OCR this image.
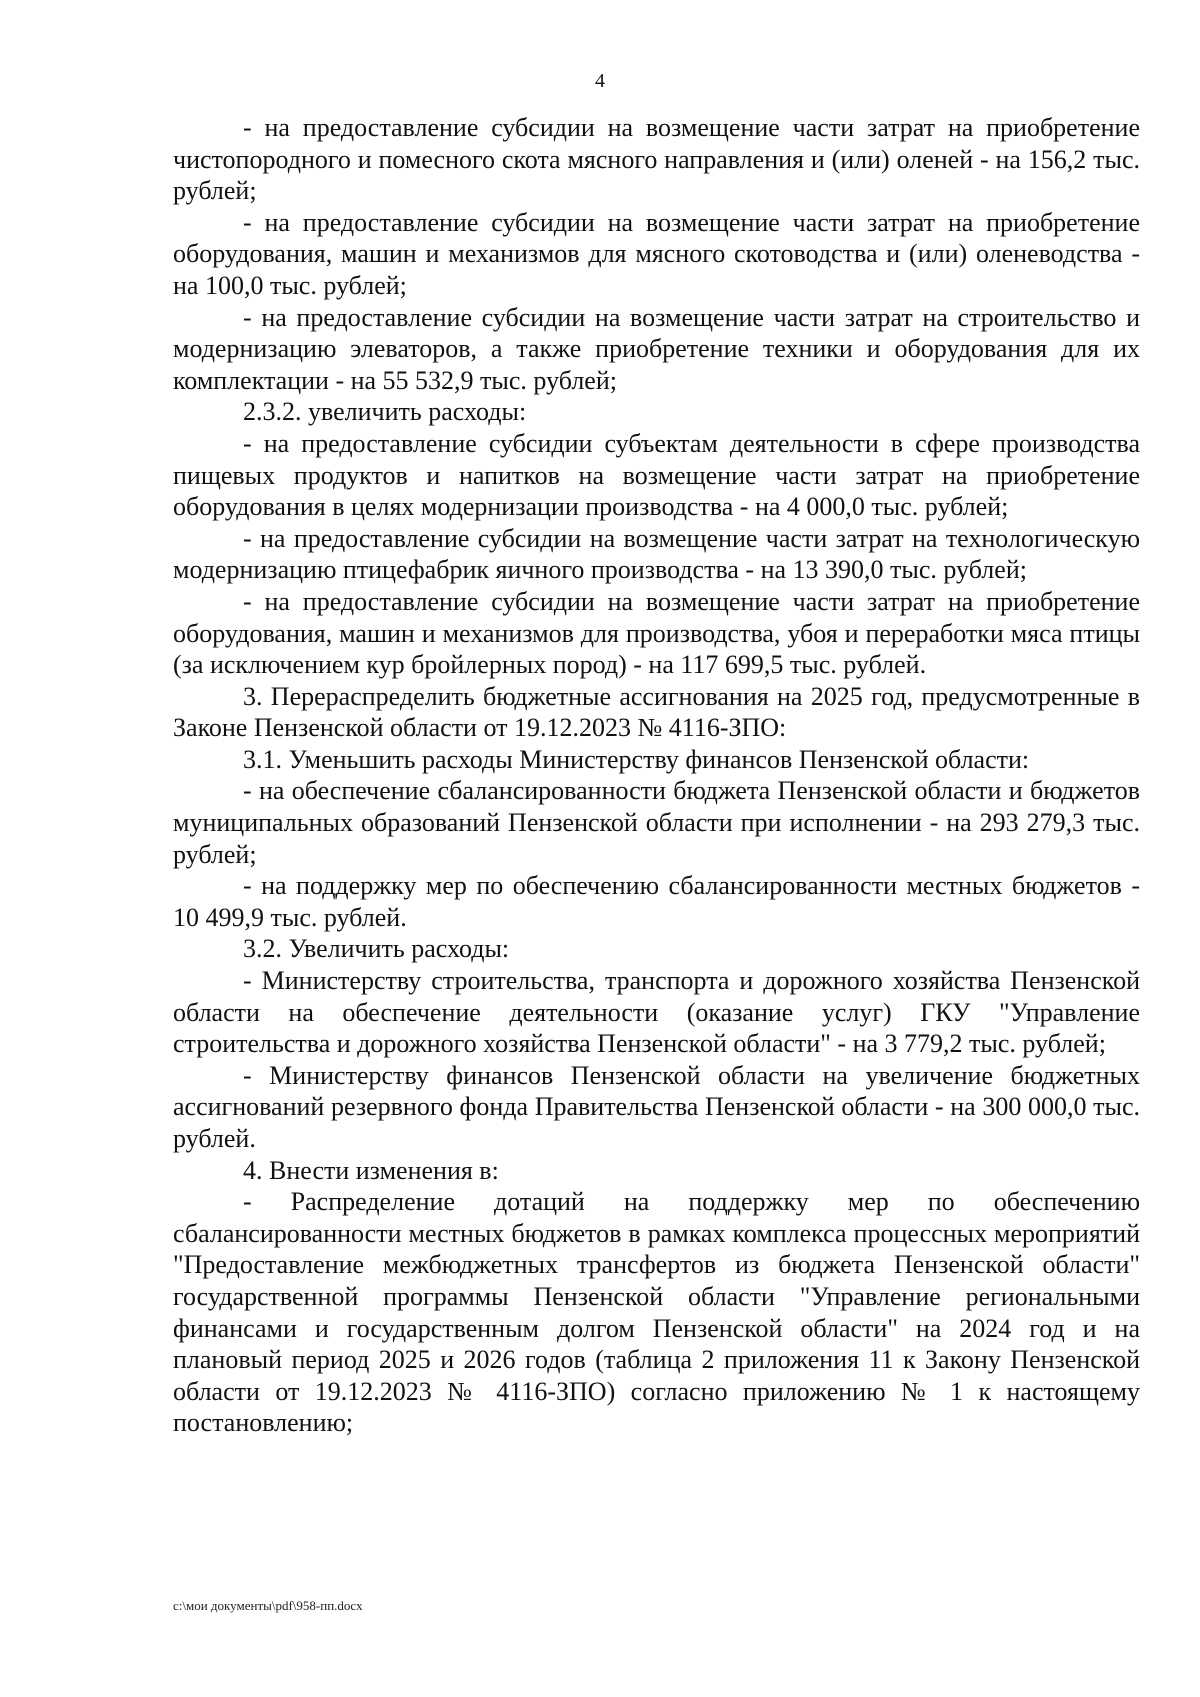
4

- на предоставление субсидии на возмещение части затрат на приобретение чистопородного и помесного скота мясного направления и (или) оленей - на 156,2 тыс. рублей;

- на предоставление субсидии на возмещение части затрат на приобретение оборудования, машин и механизмов для мясного скотоводства и (или) оленеводства - на 100,0 тыс. рублей;

- на предоставление субсидии на возмещение части затрат на строительство и модернизацию элеваторов, а также приобретение техники и оборудования для их комплектации - на 55 532,9 тыс. рублей;

2.3.2. увеличить расходы:

- на предоставление субсидии субъектам деятельности в сфере производства пищевых продуктов и напитков на возмещение части затрат на приобретение оборудования в целях модернизации производства - на 4 000,0 тыс. рублей;

- на предоставление субсидии на возмещение части затрат на технологическую модернизацию птицефабрик яичного производства - на 13 390,0 тыс. рублей;

- на предоставление субсидии на возмещение части затрат на приобретение оборудования, машин и механизмов для производства, убоя и переработки мяса птицы (за исключением кур бройлерных пород) - на 117 699,5 тыс. рублей.

3. Перераспределить бюджетные ассигнования на 2025 год, предусмотренные в Законе Пензенской области от 19.12.2023 № 4116-ЗПО:

3.1. Уменьшить расходы Министерству финансов Пензенской области:

- на обеспечение сбалансированности бюджета Пензенской области и бюджетов муниципальных образований Пензенской области при исполнении - на 293 279,3 тыс. рублей;

- на поддержку мер по обеспечению сбалансированности местных бюджетов - 10 499,9 тыс. рублей.

3.2. Увеличить расходы:

- Министерству строительства, транспорта и дорожного хозяйства Пензенской области на обеспечение деятельности (оказание услуг) ГКУ "Управление строительства и дорожного хозяйства Пензенской области" - на 3 779,2 тыс. рублей;

- Министерству финансов Пензенской области на увеличение бюджетных ассигнований резервного фонда Правительства Пензенской области - на 300 000,0 тыс. рублей.

4. Внести изменения в:

- Распределение дотаций на поддержку мер по обеспечению сбалансированности местных бюджетов в рамках комплекса процессных мероприятий "Предоставление межбюджетных трансфертов из бюджета Пензенской области" государственной программы Пензенской области "Управление региональными финансами и государственным долгом Пензенской области" на 2024 год и на плановый период 2025 и 2026 годов (таблица 2 приложения 11 к Закону Пензенской области от 19.12.2023 № 4116-ЗПО) согласно приложению № 1 к настоящему постановлению;

c:\мои документы\pdf\958-пп.docx
